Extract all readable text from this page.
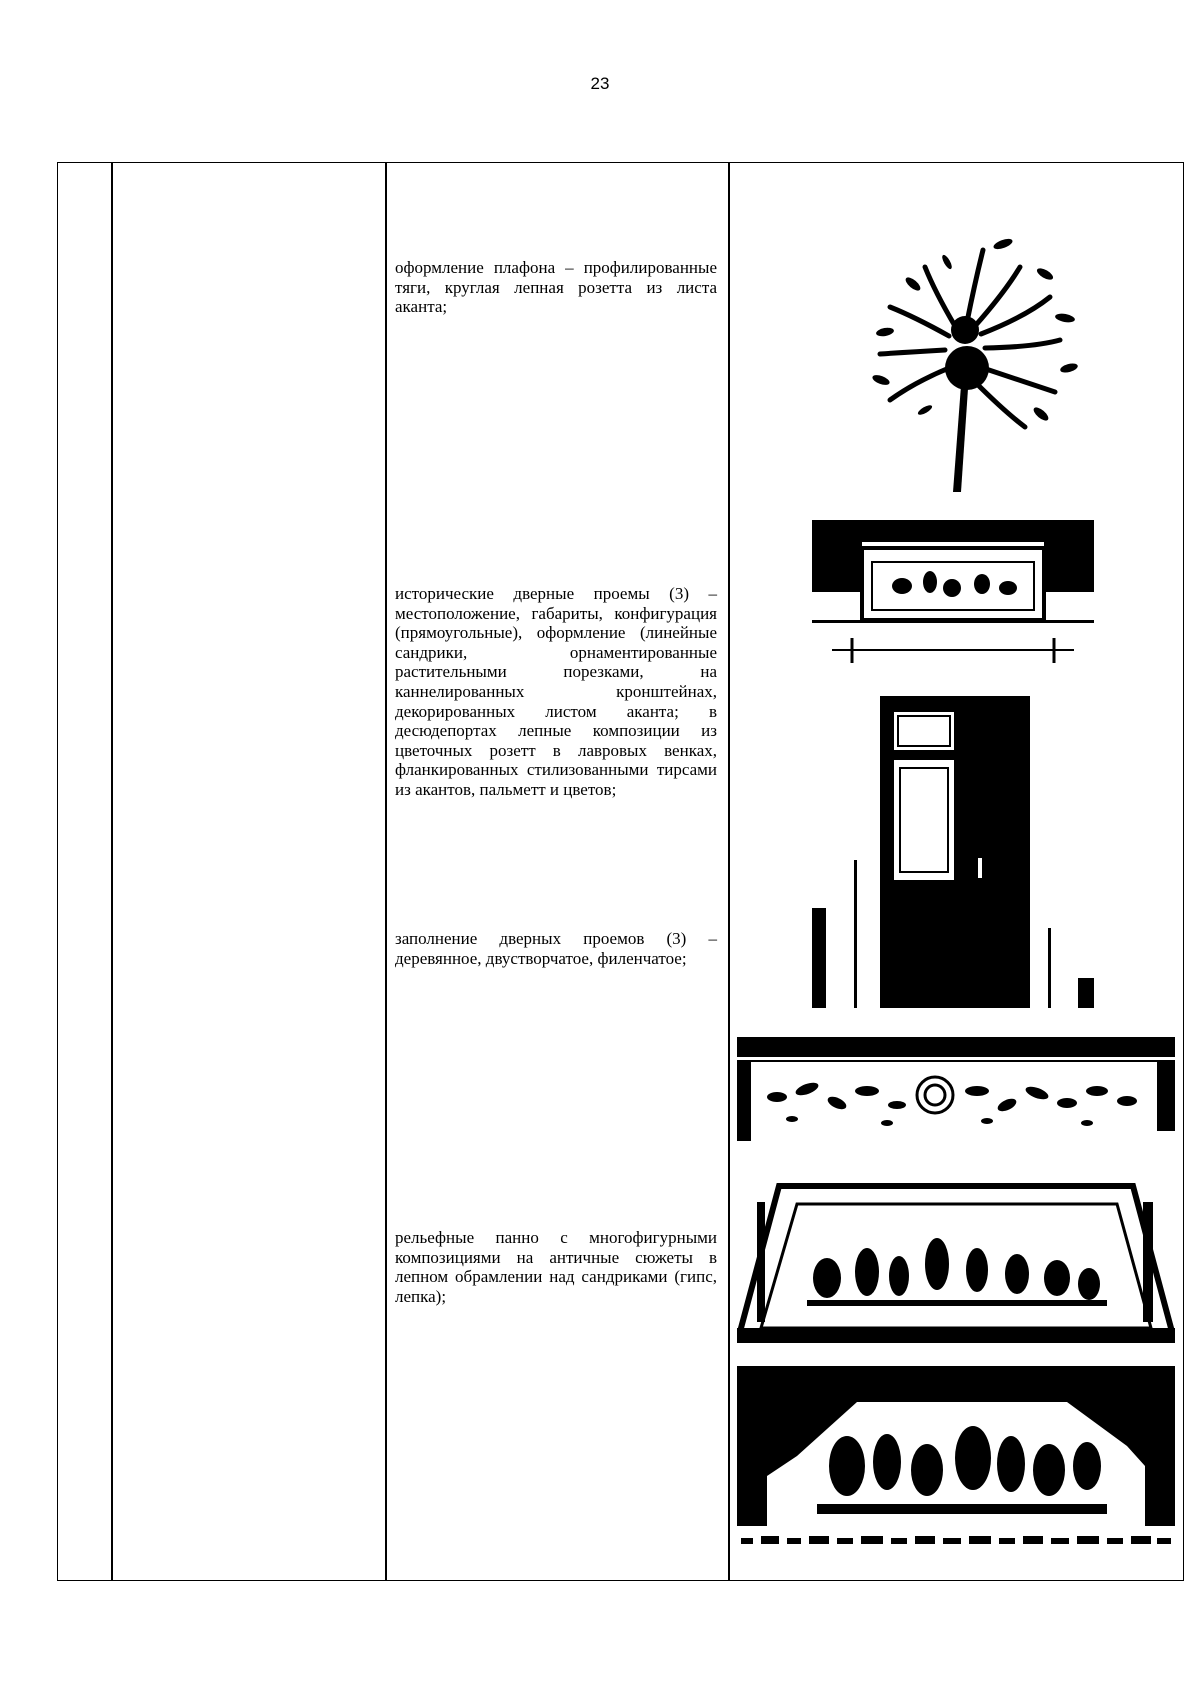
23
оформление плафона – профилированные тяги, круглая лепная розетта из листа аканта;
исторические дверные проемы (3) – местоположение, габариты, конфигурация (прямоугольные), оформление (линейные сандрики, орнаментированные растительными порезками, на каннелированных кронштейнах, декорированных листом аканта; в десюдепортах лепные композиции из цветочных розетт в лавровых венках, фланкированных стилизованными тирсами из акантов, пальметт и цветов;
заполнение дверных проемов (3) – деревянное, двустворчатое, филенчатое;
рельефные панно с многофигурными композициями на античные сюжеты в лепном обрамлении над сандриками (гипс, лепка);
